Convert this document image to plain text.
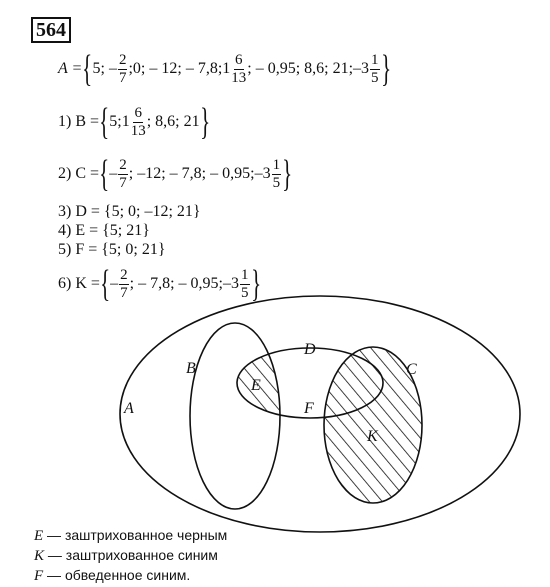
564
A = { 5; – $\frac{2}{7}$ ;0; – 12; – 7,8;1 $\frac{6}{13}$ ; – 0,95; 8,6; 21;–3 $\frac{1}{5}$ }
1) B = { 5;1 $\frac{6}{13}$ ; 8,6; 21 }
2) C = { – $\frac{2}{7}$ ; –12; – 7,8; – 0,95;–3 $\frac{1}{5}$ }
3) D = {5; 0; –12; 21}
4) E = {5; 21}
5) F = {5; 0; 21}
6) K = { – $\frac{2}{7}$ ; – 7,8; – 0,95;–3 $\frac{1}{5}$ }
A
B	C
D
E
F
K
E — заштрихованное черным
K — заштрихованное синим
F — обведенное синим.
